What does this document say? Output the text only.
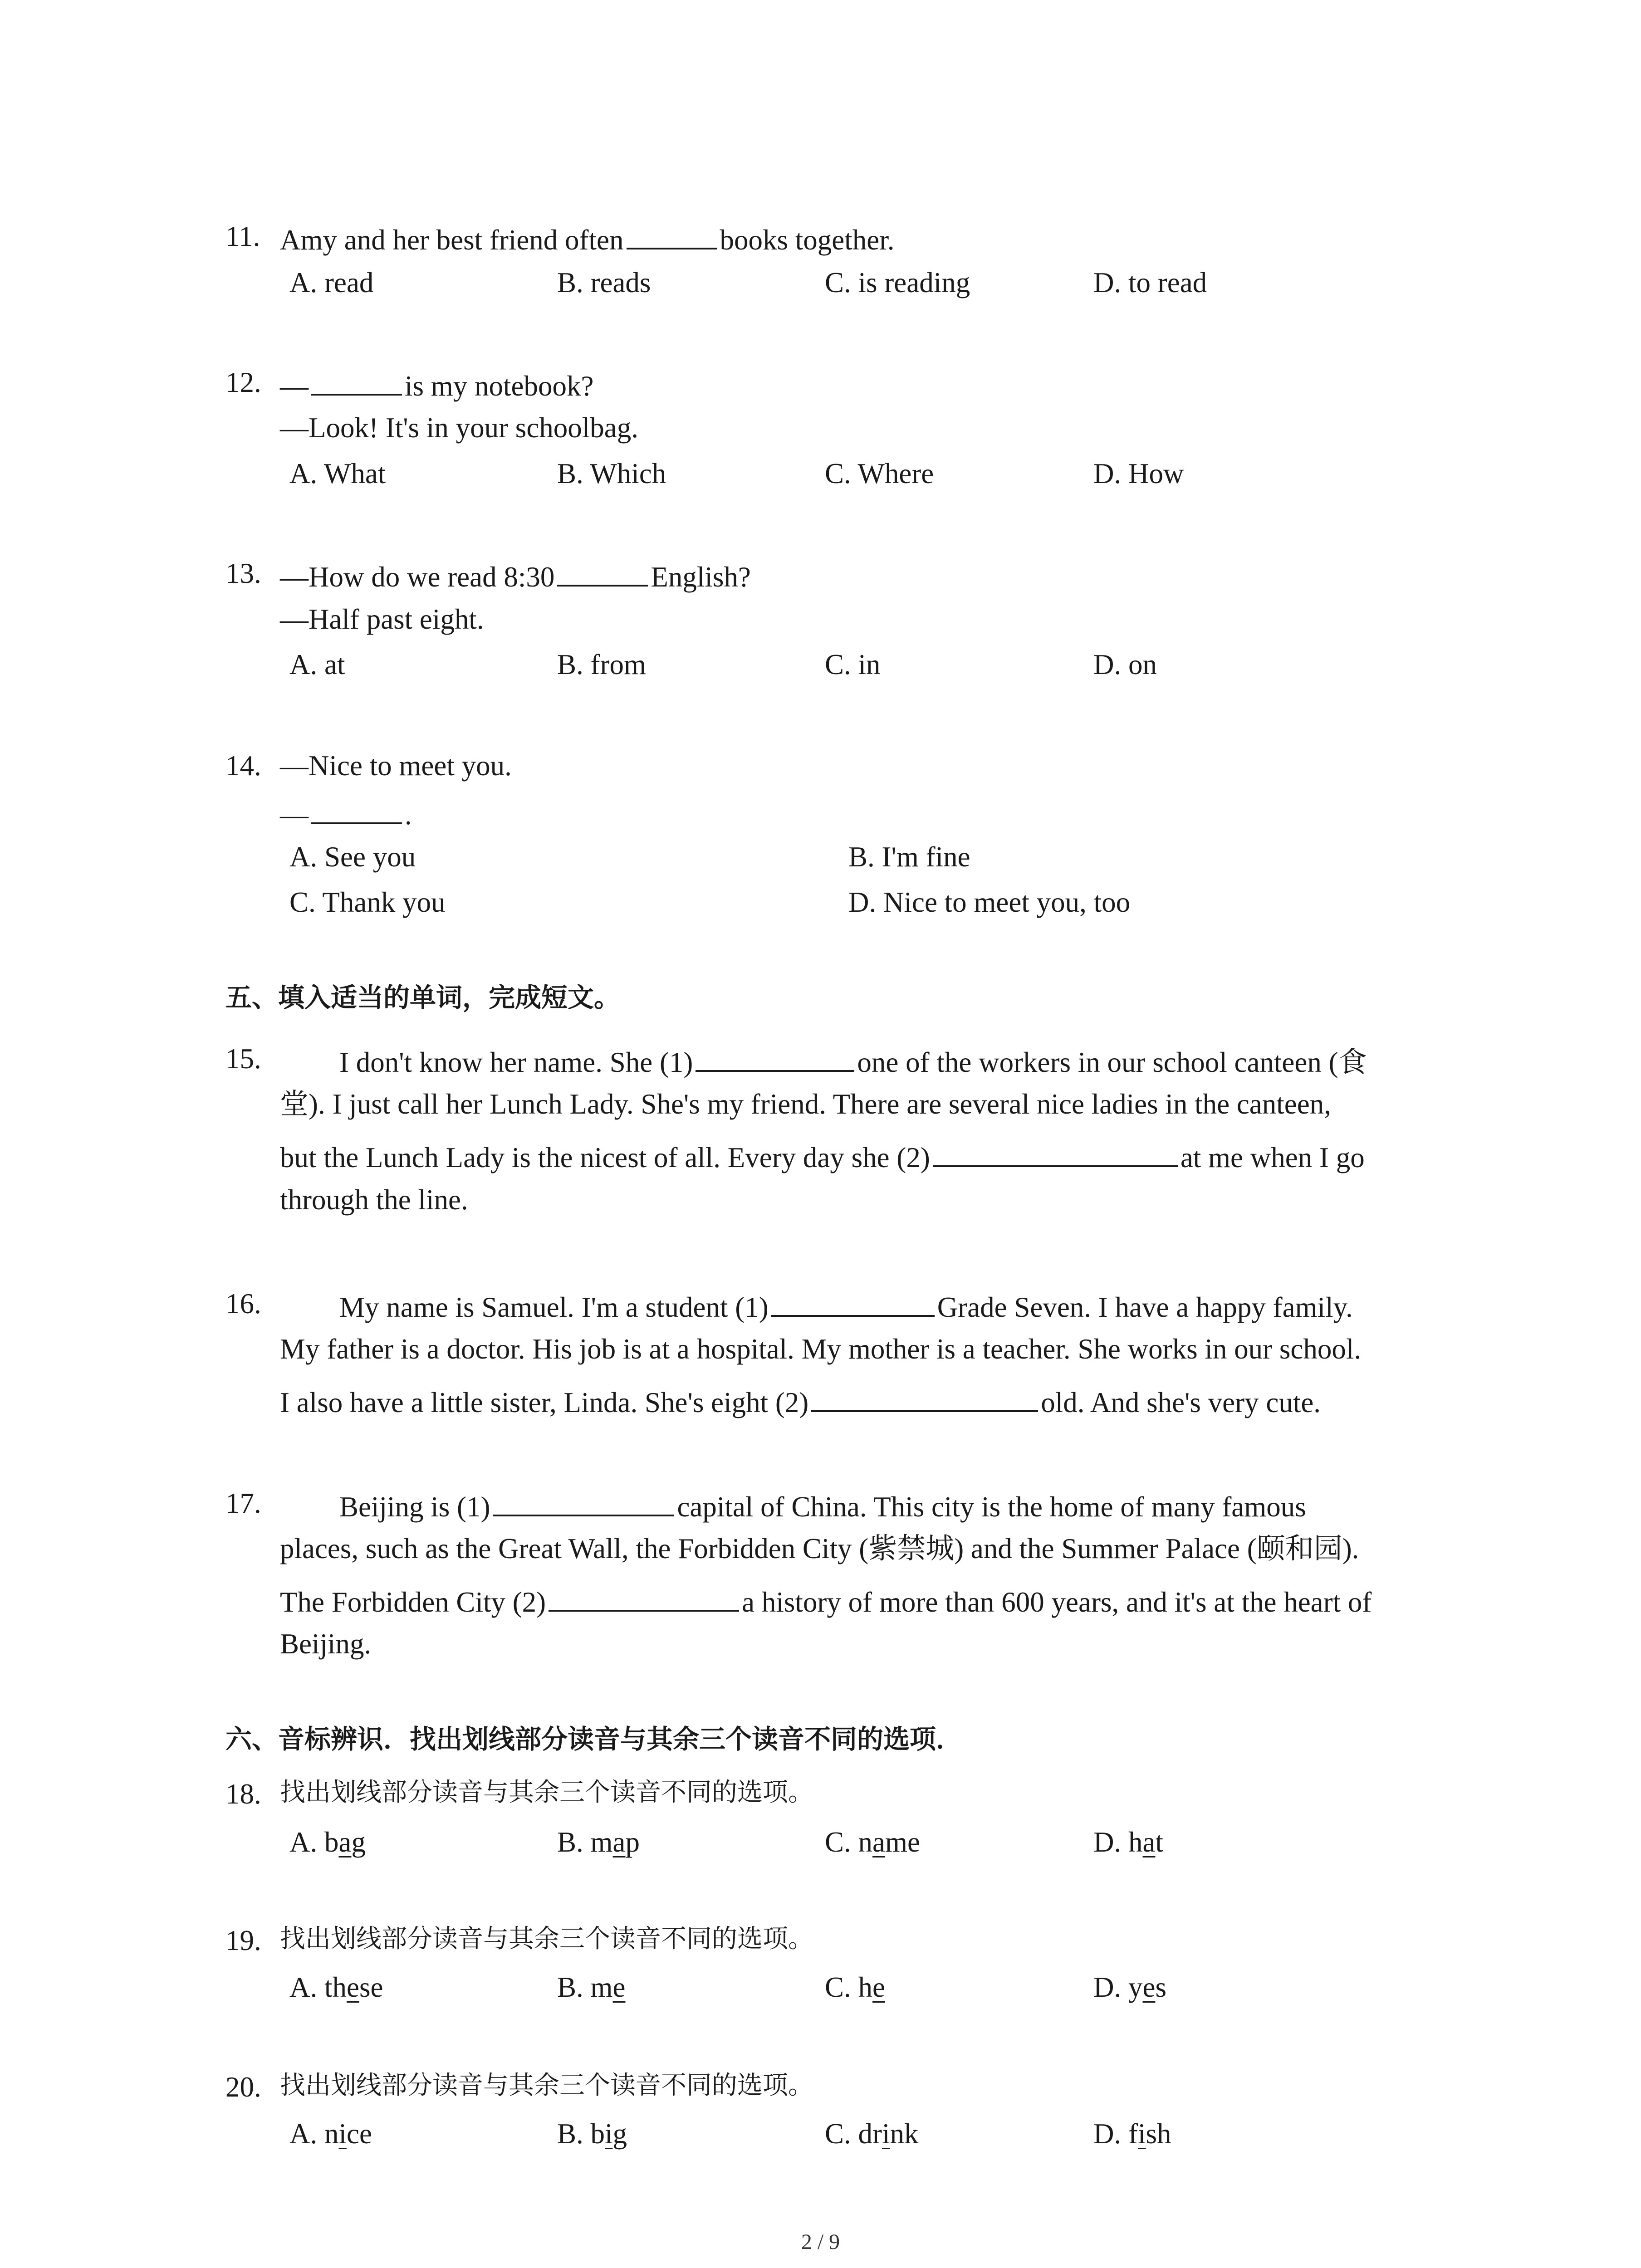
11. Amy and her best friend often	books together.
A. read	B. reads	C. is reading	D. to read
12. —	is my notebook?
—Look! It's in your schoolbag.
A. What	B. Which	C. Where	D. How
13. —How do we read 8:30	English?
—Half past eight.
A. at	B. from	C. in	D. on
14. —Nice to meet you.
—	.
A. See you	B. I'm fine
C. Thank you	D. Nice to meet you, too
五、填入适当的单词，完成短文。
15.	I don't know her name. She (1)	one of the workers in our school canteen (食
堂). I just call her Lunch Lady. She's my friend. There are several nice ladies in the canteen,
but the Lunch Lady is the nicest of all. Every day she (2)	at me when I go
through the line.
16.	My name is Samuel. I'm a student (1)	Grade Seven. I have a happy family.
My father is a doctor. His job is at a hospital. My mother is a teacher. She works in our school.
I also have a little sister, Linda. She's eight (2)	old. And she's very cute.
17.	Beijing is (1)	capital of China. This city is the home of many famous
places, such as the Great Wall, the Forbidden City (紫禁城) and the Summer Palace (颐和园).
The Forbidden City (2)	a history of more than 600 years, and it's at the heart of
Beijing.
六、音标辨识．找出划线部分读音与其余三个读音不同的选项．
18. 找出划线部分读音与其余三个读音不同的选项。
A. bag	B. map	C. name	D. hat
19. 找出划线部分读音与其余三个读音不同的选项。
A. these	B. me	C. he	D. yes
20. 找出划线部分读音与其余三个读音不同的选项。
A. nice	B. big	C. drink	D. fish
2 / 9
